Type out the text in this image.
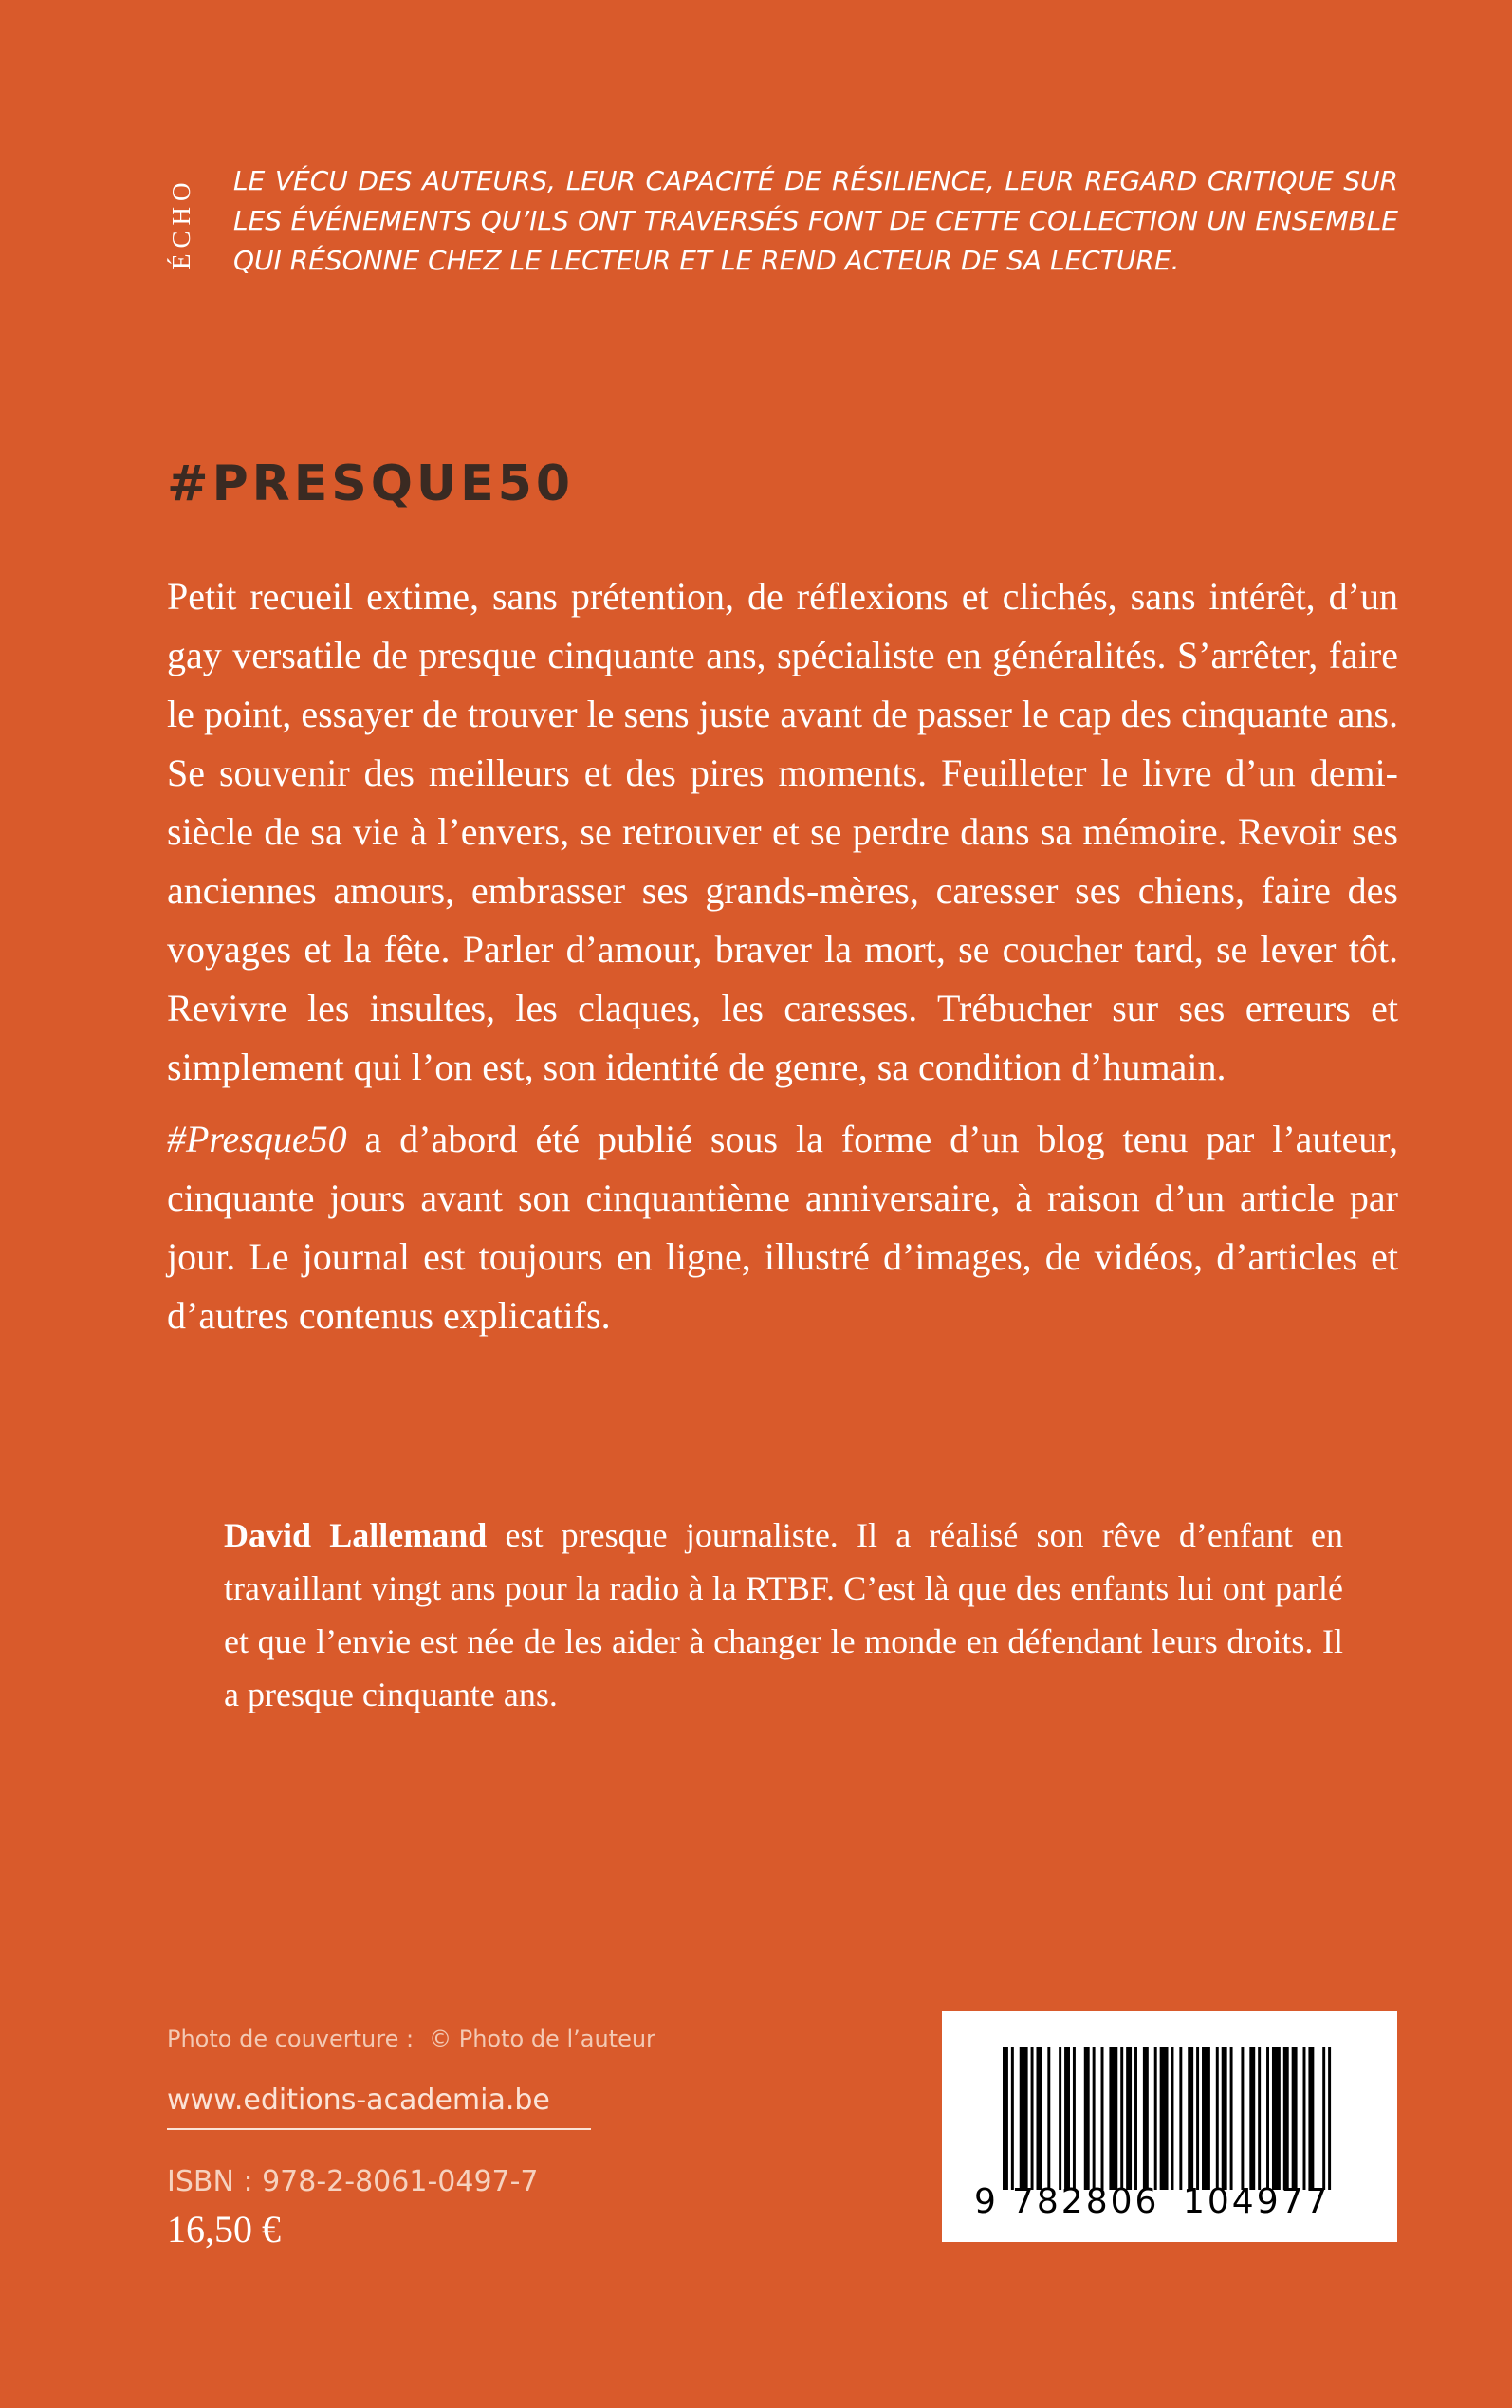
ÉCHO	LE VÉCU DES AUTEURS, LEUR CAPACITÉ DE RÉSILIENCE, LEUR REGARD CRITIQUE SUR LES ÉVÉNEMENTS QU’ILS ONT TRAVERSÉS FONT DE CETTE COLLECTION UN ENSEMBLE QUI RÉSONNE CHEZ LE LECTEUR ET LE REND ACTEUR DE SA LECTURE.
#PRESQUE50

Petit recueil extime, sans prétention, de réflexions et clichés, sans intérêt, d’un gay versatile de presque cinquante ans, spécialiste en généralités. S’arrêter, faire le point, essayer de trouver le sens juste avant de passer le cap des cinquante ans. Se souvenir des meilleurs et des pires moments. Feuilleter le livre d’un demi-siècle de sa vie à l’envers, se retrouver et se perdre dans sa mémoire. Revoir ses anciennes amours, embrasser ses grands-mères, caresser ses chiens, faire des voyages et la fête. Parler d’amour, braver la mort, se coucher tard, se lever tôt. Revivre les insultes, les claques, les caresses. Trébucher sur ses erreurs et simplement qui l’on est, son identité de genre, sa condition d’humain.

#Presque50 a d’abord été publié sous la forme d’un blog tenu par l’auteur, cinquante jours avant son cinquantième anniversaire, à raison d’un article par jour. Le journal est toujours en ligne, illustré d’images, de vidéos, d’articles et d’autres contenus explicatifs.

David Lallemand est presque journaliste. Il a réalisé son rêve d’enfant en travaillant vingt ans pour la radio à la RTBF. C’est là que des enfants lui ont parlé et que l’envie est née de les aider à changer le monde en défendant leurs droits. Il a presque cinquante ans.

Photo de couverture : © Photo de l’auteur
www.editions-academia.be
ISBN : 978-2-8061-0497-7
16,50 €
9 782806 104977
